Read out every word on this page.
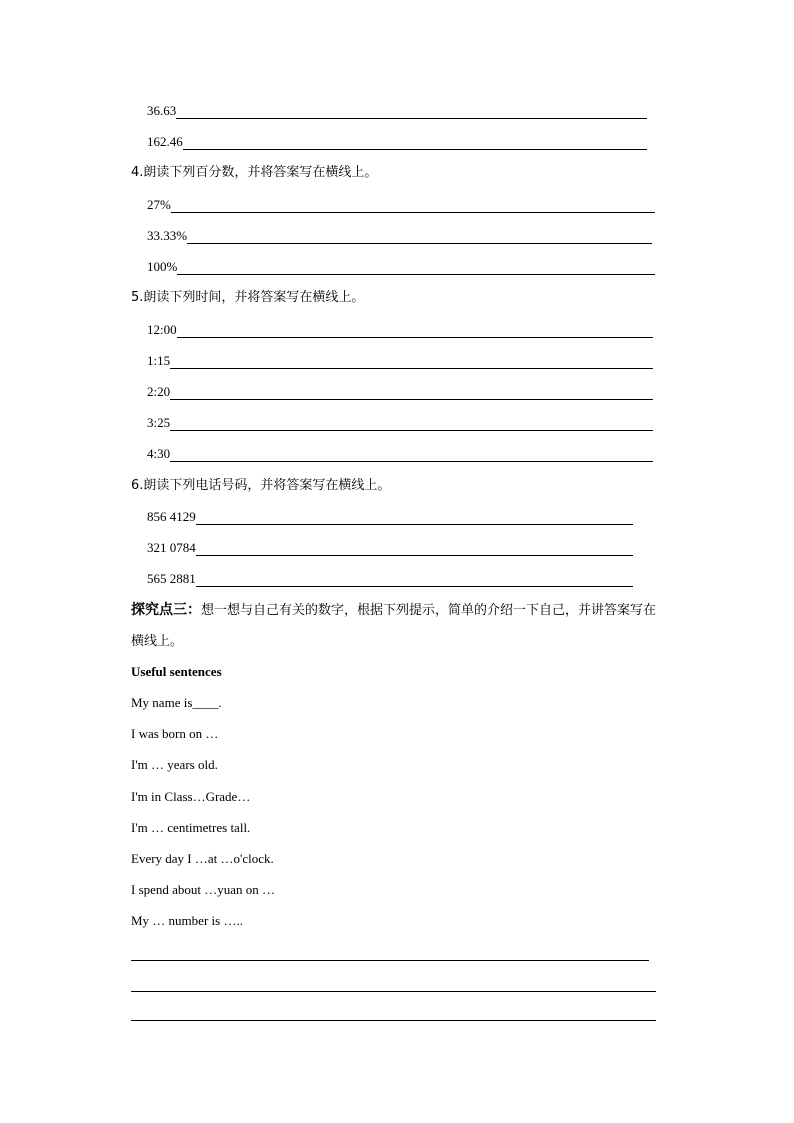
36.63
162.46
4.朗读下列百分数，并将答案写在横线上。
27%
33.33%
100%
5.朗读下列时间，并将答案写在横线上。
12:00
1:15
2:20
3:25
4:30
6.朗读下列电话号码，并将答案写在横线上。
856 4129
321 0784
565 2881
探究点三：想一想与自己有关的数字，根据下列提示，简单的介绍一下自己，并讲答案写在横线上。
Useful sentences
My name is____.
I was born on …
I'm … years old.
I'm in Class…Grade…
I'm … centimetres tall.
Every day I …at …o'clock.
I spend about …yuan on …
My … number is …..
